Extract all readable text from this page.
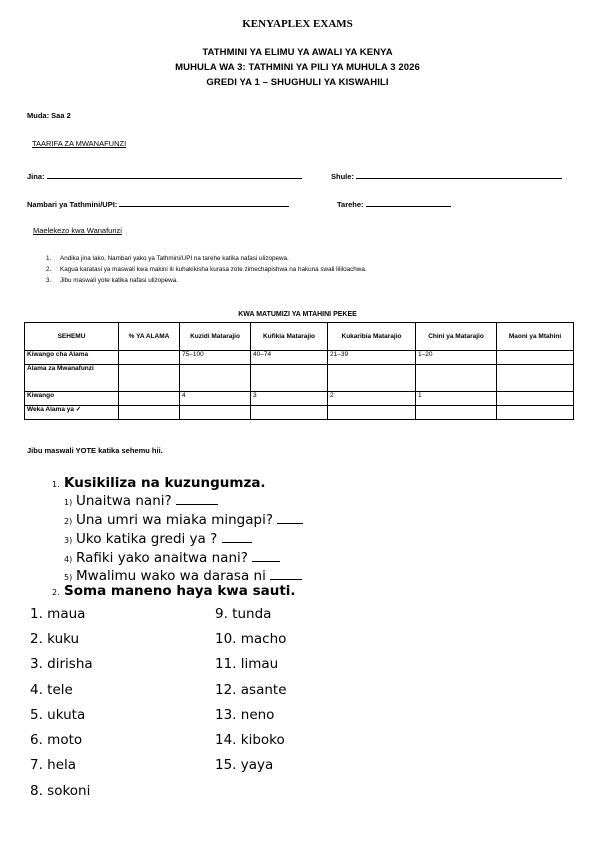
KENYAPLEX EXAMS
TATHMINI YA ELIMU YA AWALI YA KENYA
MUHULA WA 3: TATHMINI YA PILI YA MUHULA 3 2026
GREDI YA 1 – SHUGHULI YA KISWAHILI
Muda: Saa 2
TAARIFA ZA MWANAFUNZI
Jina:	Shule:
Nambari ya Tathmini/UPI:	Tarehe:
Maelekezo kwa Wanafunzi
1. Andika jina lako, Nambari yako ya Tathmini/UPI na tarehe katika nafasi ulizopewa.
2. Kagua karatasi ya maswali kwa makini ili kuhakikisha kurasa zote zimechapishwa na hakuna swali lililoachwa.
3. Jibu maswali yote katika nafasi ulizopewa.
KWA MATUMIZI YA MTAHINI PEKEE
SEHEMU	% YA ALAMA	Kuzidi Matarajio	Kufikia Matarajio	Kukaribia Matarajio	Chini ya Matarajio	Maoni ya Mtahini
Kiwango cha Alama		75–100	40–74	21–39	1–20	
Alama za Mwanafunzi						
Kiwango		4	3	2	1	
Weka Alama ya ✓						
Jibu maswali YOTE katika sehemu hii.
1. Kusikiliza na kuzungumza.
1) Unaitwa nani?
2) Una umri wa miaka mingapi?
3) Uko katika gredi ya ?
4) Rafiki yako anaitwa nani?
5) Mwalimu wako wa darasa ni
2. Soma maneno haya kwa sauti.
1. maua
2. kuku
3. dirisha
4. tele
5. ukuta
6. moto
7. hela
8. sokoni
9. tunda
10. macho
11. limau
12. asante
13. neno
14. kiboko
15. yaya
